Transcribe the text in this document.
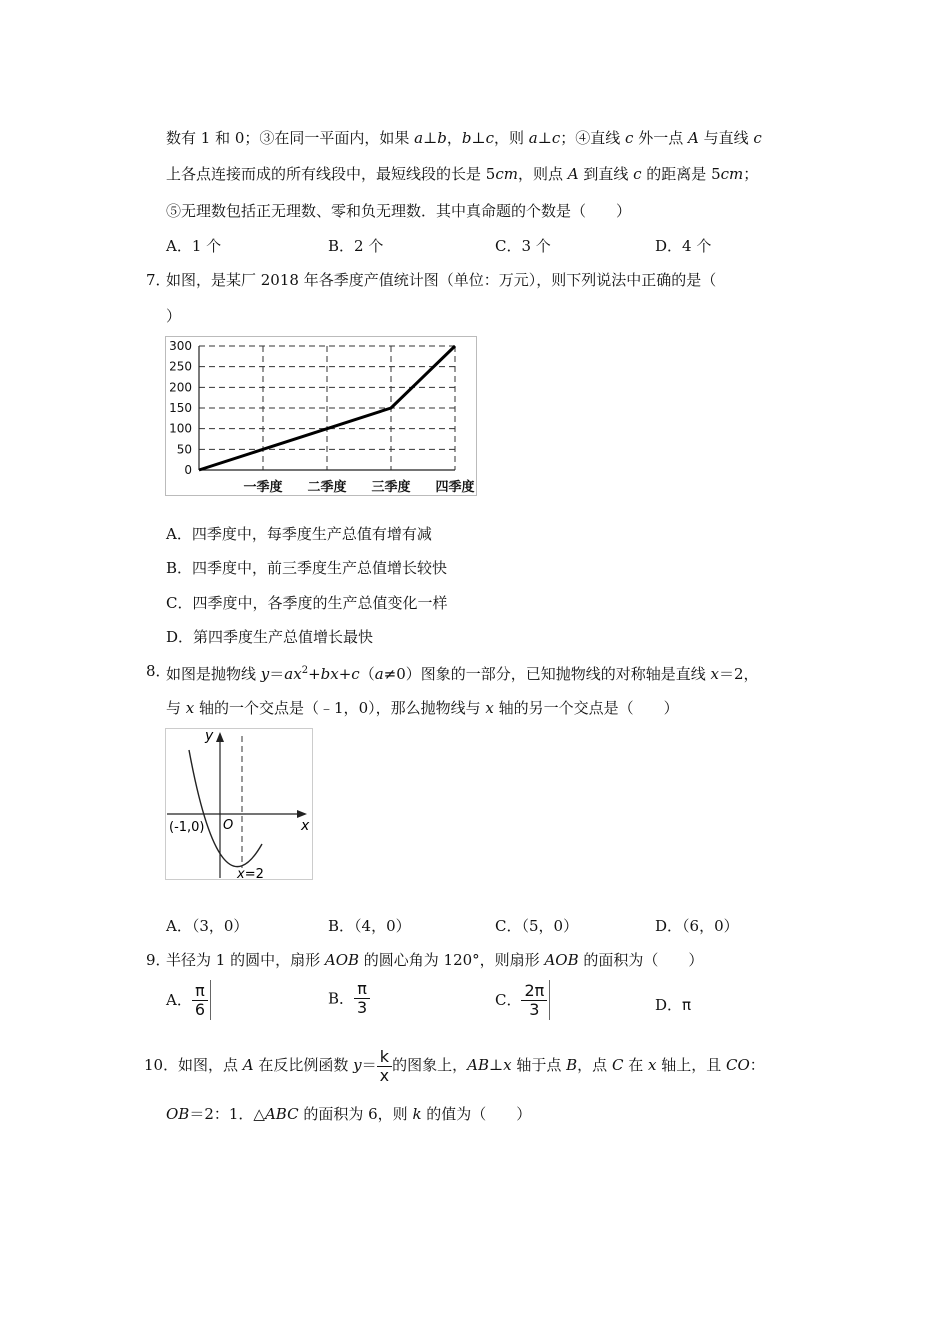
数有 1 和 0；③在同一平面内，如果 a⊥b，b⊥c，则 a⊥c；④直线 c 外一点 A 与直线 c
上各点连接而成的所有线段中，最短线段的长是 5cm，则点 A 到直线 c 的距离是 5cm；
⑤无理数包括正无理数、零和负无理数．其中真命题的个数是（　　）
A．1 个	B．2 个	C．3 个	D．4 个
7．
如图，是某厂 2018 年各季度产值统计图（单位：万元），则下列说法中正确的是（
）
0
50
100
150
200
250
300
一季度 二季度 三季度 四季度
A．四季度中，每季度生产总值有增有减
B．四季度中，前三季度生产总值增长较快
C．四季度中，各季度的生产总值变化一样
D．第四季度生产总值增长最快
8．
如图是抛物线 $y=ax^2+bx+c(a\ne 0)$图象的一部分，已知抛物线的对称轴是直线 x＝2，
与 x 轴的一个交点是（﹣1，0），那么抛物线与 x 轴的另一个交点是（　　）
y
x
O
(-1,0)
x=2
A．（3，0）	B．（4，0）	C．（5，0）	D．（6，0）
9．
半径为 1 的圆中，扇形 AOB 的圆心角为 120°，则扇形 AOB 的面积为（　　）
A． $\frac{\pi}{6}$	B． $\frac{\pi}{3}$	C． $\frac{2\pi}{3}$	D．π
10． 如图，点 A 在反比例函数 $y= \frac{k}{x}$ 的图象上，AB⊥x 轴于点 B，点 C 在 x 轴上，且 CO：
OB＝2：1．△ABC 的面积为 6，则 k 的值为（　　）
